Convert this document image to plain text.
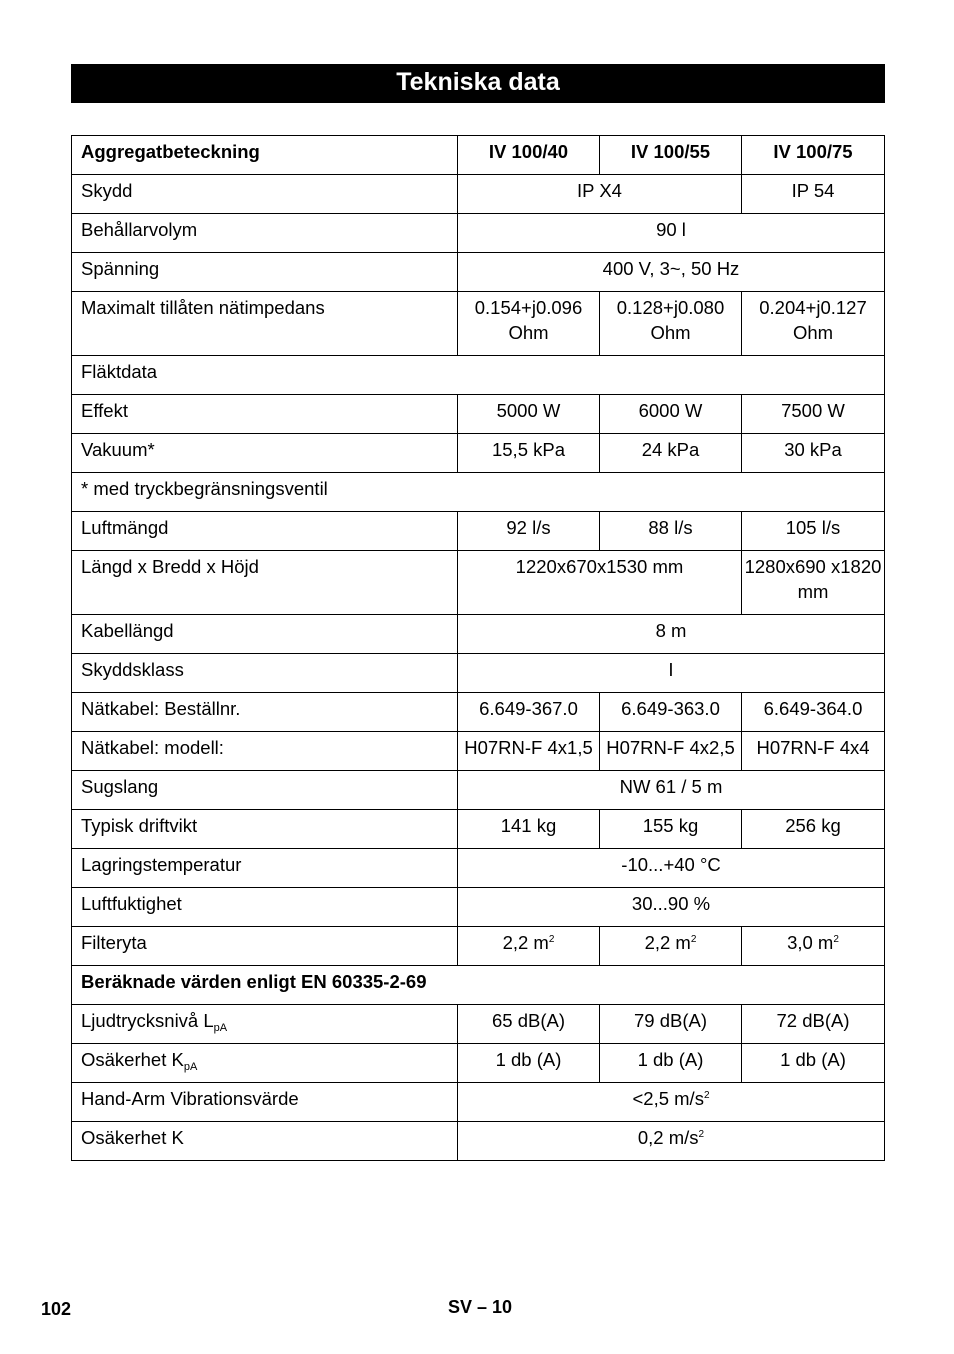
Tekniska data
Aggregatbeteckning	IV 100/40	IV 100/55	IV 100/75
Skydd	IP X4		IP 54
Behållarvolym	90 l		
Spänning	400 V, 3~, 50 Hz		
Maximalt tillåten nätimpedans	0.154+j0.096 Ohm	0.128+j0.080 Ohm	0.204+j0.127 Ohm
Fläktdata			
Effekt	5000 W	6000 W	7500 W
Vakuum*	15,5 kPa	24 kPa	30 kPa
* med tryckbegränsningsventil			
Luftmängd	92 l/s	88 l/s	105 l/s
Längd x Bredd x Höjd	1220x670x1530 mm		1280x690 x1820 mm
Kabellängd	8 m		
Skyddsklass	I		
Nätkabel: Beställnr.	6.649-367.0	6.649-363.0	6.649-364.0
Nätkabel: modell:	H07RN-F 4x1,5	H07RN-F 4x2,5	H07RN-F 4x4
Sugslang	NW 61 / 5 m		
Typisk driftvikt	141 kg	155 kg	256 kg
Lagringstemperatur	-10...+40 °C		
Luftfuktighet	30...90 %		
Filteryta	2,2 $m^2$	2,2 $m^2$	3,0 $m^2$
Beräknade värden enligt EN 60335-2-69			
Ljudtrycksnivå $L_{pA}$	65 dB(A)	79 dB(A)	72 dB(A)
Osäkerhet $K_{pA}$	1 db (A)	1 db (A)	1 db (A)
Hand-Arm Vibrationsvärde	<2,5 $m/s^2$
Osäkerhet K	0,2 $m/s^2$
102	SV – 10
